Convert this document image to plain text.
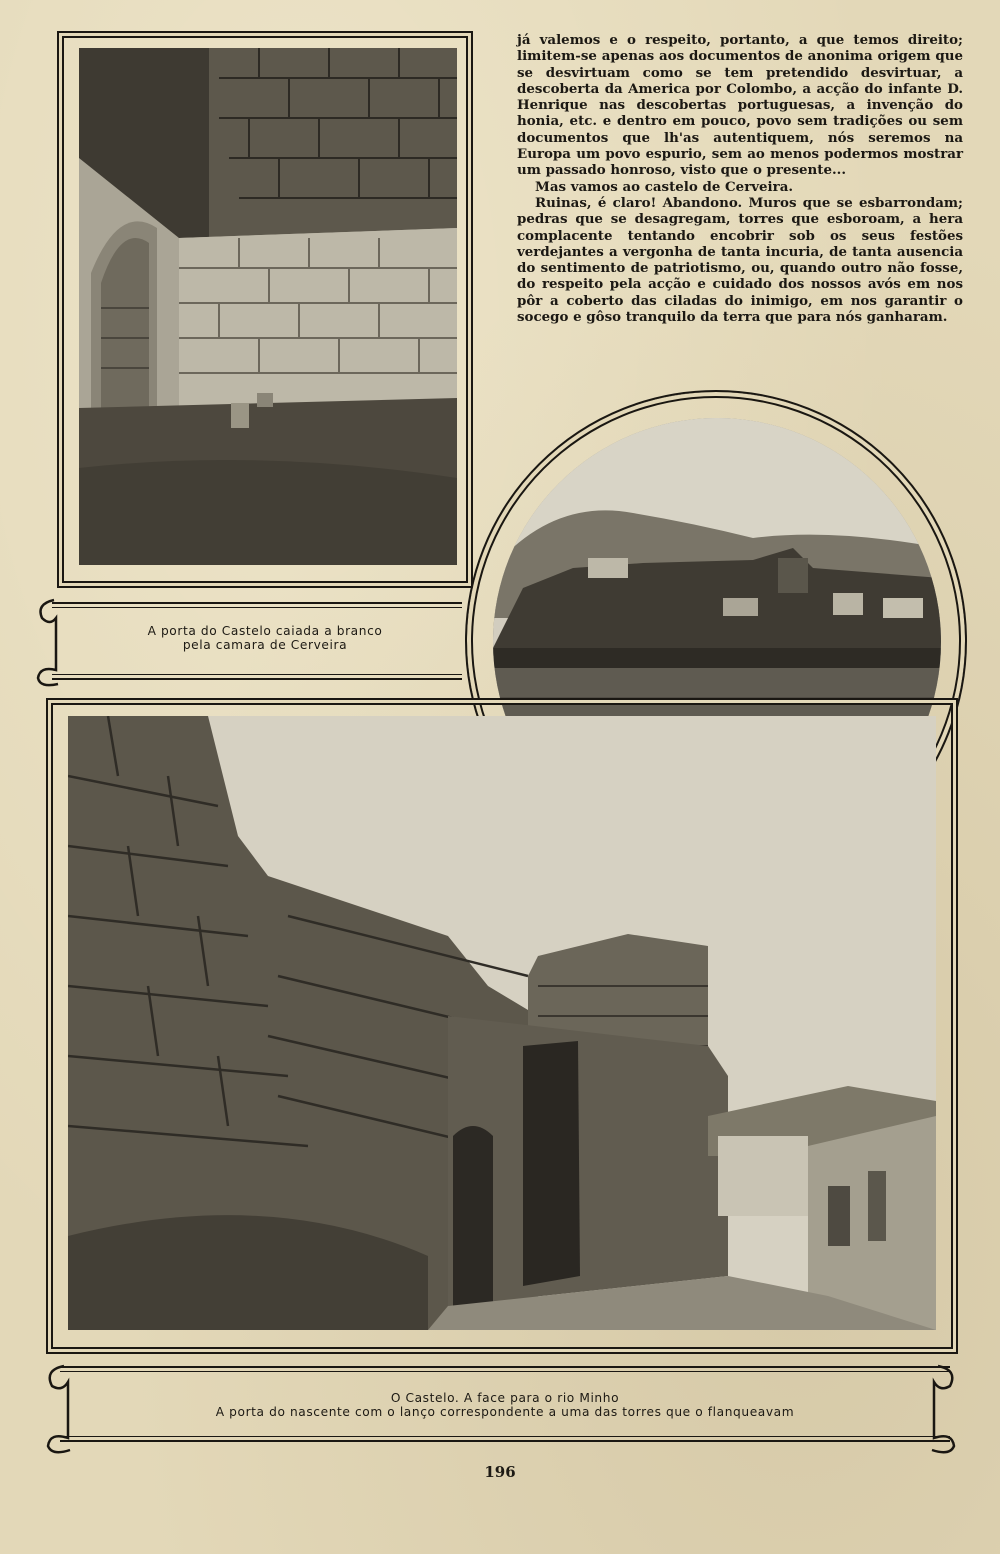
já valemos e o respeito, portanto, a que temos direito; limitem-se apenas aos documentos de anonima origem que se desvirtuam como se tem pretendido desvirtuar, a descoberta da America por Colombo, a acção do infante D. Henrique nas descobertas portuguesas, a invenção do honia, etc. e dentro em pouco, povo sem tradições ou sem documentos que lh'as autentiquem, nós seremos na Europa um povo espurio, sem ao menos podermos mostrar um passado honroso, visto que o presente...

Mas vamos ao castelo de Cerveira.

Ruinas, é claro! Abandono. Muros que se esbarrondam; pedras que se desagregam, torres que esboroam, a hera complacente tentando encobrir sob os seus festões verdejantes a vergonha de tanta incuria, de tanta ausencia do sentimento de patriotismo, ou, quando outro não fosse, do respeito pela acção e cuidado dos nossos avós em nos pôr a coberto das ciladas do inimigo, em nos garantir o socego e gôso tranquilo da terra que para nós ganharam.

A porta do Castelo caiada a branco
pela camara de Cerveira
O Castelo. A face para o rio Minho
A porta do nascente com o lanço correspondente a uma das torres que o flanqueavam
196
